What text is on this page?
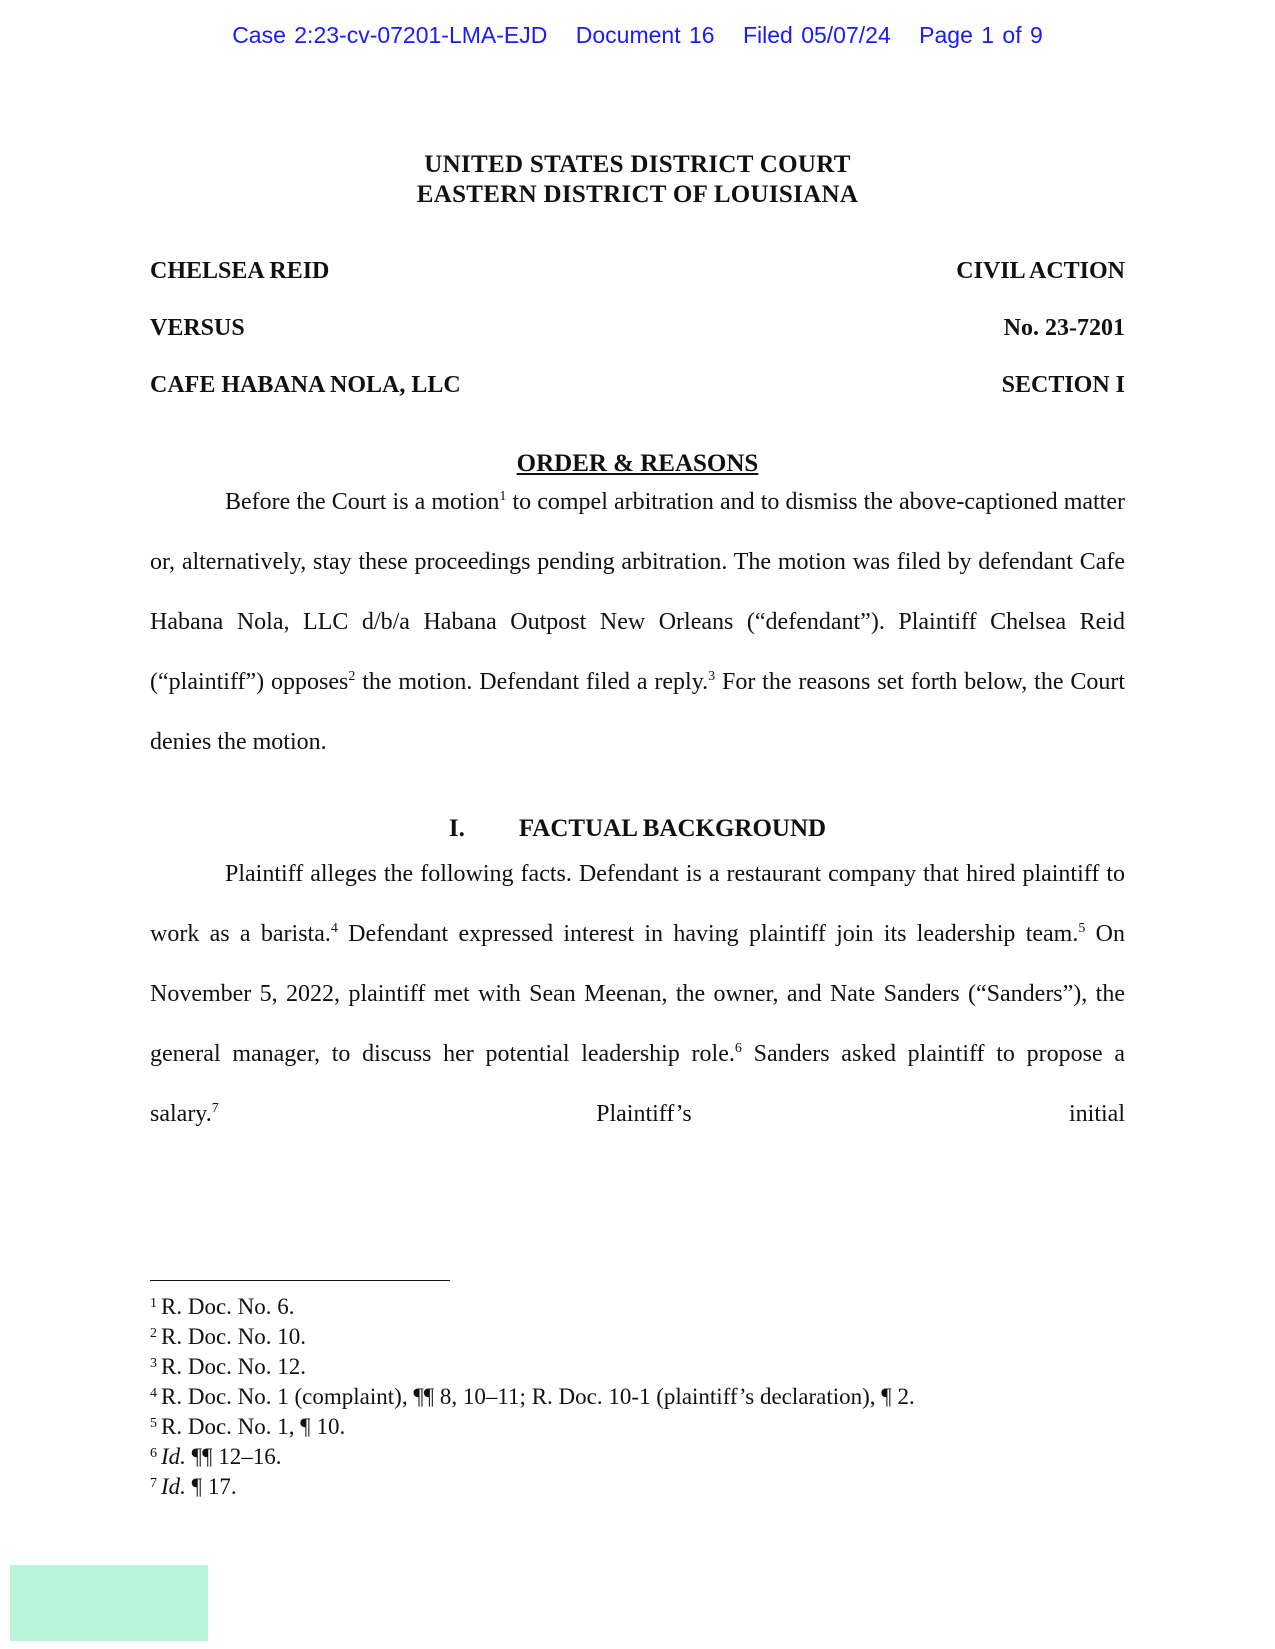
Case 2:23-cv-07201-LMA-EJD Document 16 Filed 05/07/24 Page 1 of 9
UNITED STATES DISTRICT COURT
EASTERN DISTRICT OF LOUISIANA
CHELSEA REID	CIVIL ACTION
VERSUS	No. 23-7201
CAFE HABANA NOLA, LLC	SECTION I
ORDER & REASONS
Before the Court is a motion$^1$ to compel arbitration and to dismiss the above-captioned matter or, alternatively, stay these proceedings pending arbitration. The motion was filed by defendant Cafe Habana Nola, LLC d/b/a Habana Outpost New Orleans (“defendant”). Plaintiff Chelsea Reid (“plaintiff”) opposes$^2$ the motion. Defendant filed a reply.$^3$ For the reasons set forth below, the Court denies the motion.
I. FACTUAL BACKGROUND
Plaintiff alleges the following facts. Defendant is a restaurant company that hired plaintiff to work as a barista.$^4$ Defendant expressed interest in having plaintiff join its leadership team.$^5$ On November 5, 2022, plaintiff met with Sean Meenan, the owner, and Nate Sanders (“Sanders”), the general manager, to discuss her potential leadership role.$^6$ Sanders asked plaintiff to propose a salary.$^7$ Plaintiff’s initial
$^1$ R. Doc. No. 6.
$^2$ R. Doc. No. 10.
$^3$ R. Doc. No. 12.
$^4$ R. Doc. No. 1 (complaint), ¶¶ 8, 10–11; R. Doc. 10-1 (plaintiff’s declaration), ¶ 2.
$^5$ R. Doc. No. 1, ¶ 10.
$^6$ Id. ¶¶ 12–16.
$^7$ Id. ¶ 17.
